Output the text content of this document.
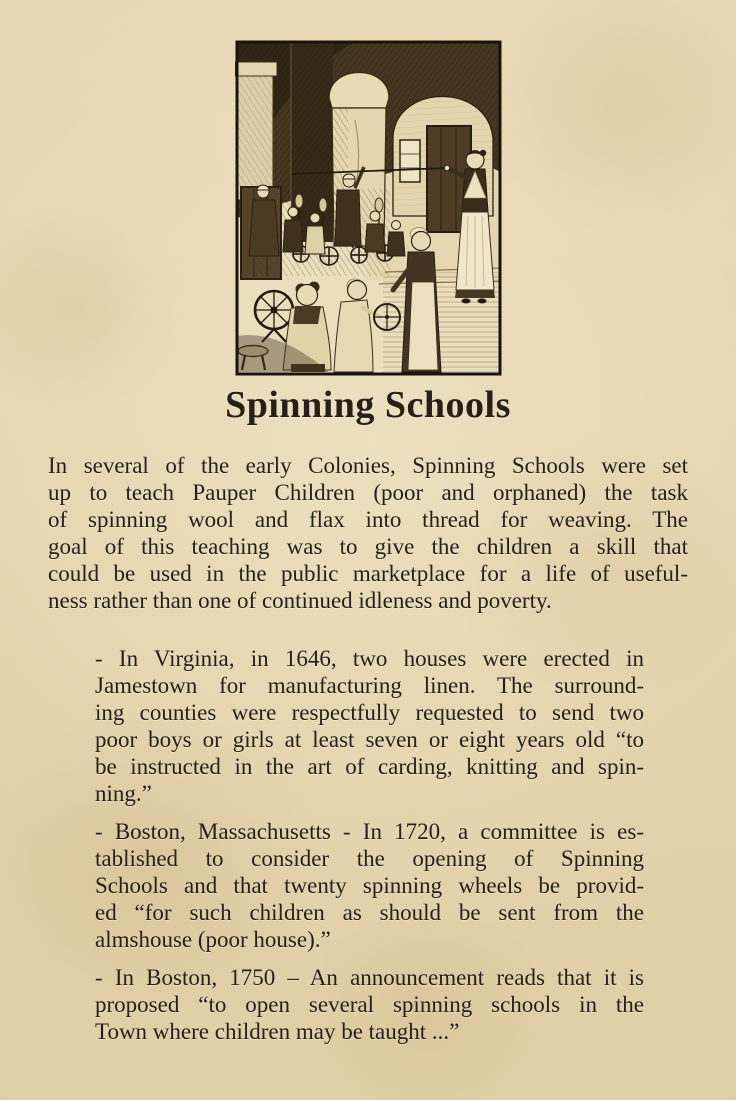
Spinning Schools
In several of the early Colonies, Spinning Schools were set
up to teach Pauper Children (poor and orphaned) the task
of spinning wool and flax into thread for weaving. The
goal of this teaching was to give the children a skill that
could be used in the public marketplace for a life of useful-
ness rather than one of continued idleness and poverty.
- In Virginia, in 1646, two houses were erected in
Jamestown for manufacturing linen. The surround-
ing counties were respectfully requested to send two
poor boys or girls at least seven or eight years old “to
be instructed in the art of carding, knitting and spin-
ning.”
- Boston, Massachusetts - In 1720, a committee is es-
tablished to consider the opening of Spinning
Schools and that twenty spinning wheels be provid-
ed “for such children as should be sent from the
almshouse (poor house).”
- In Boston, 1750 – An announcement reads that it is
proposed “to open several spinning schools in the
Town where children may be taught ...”
